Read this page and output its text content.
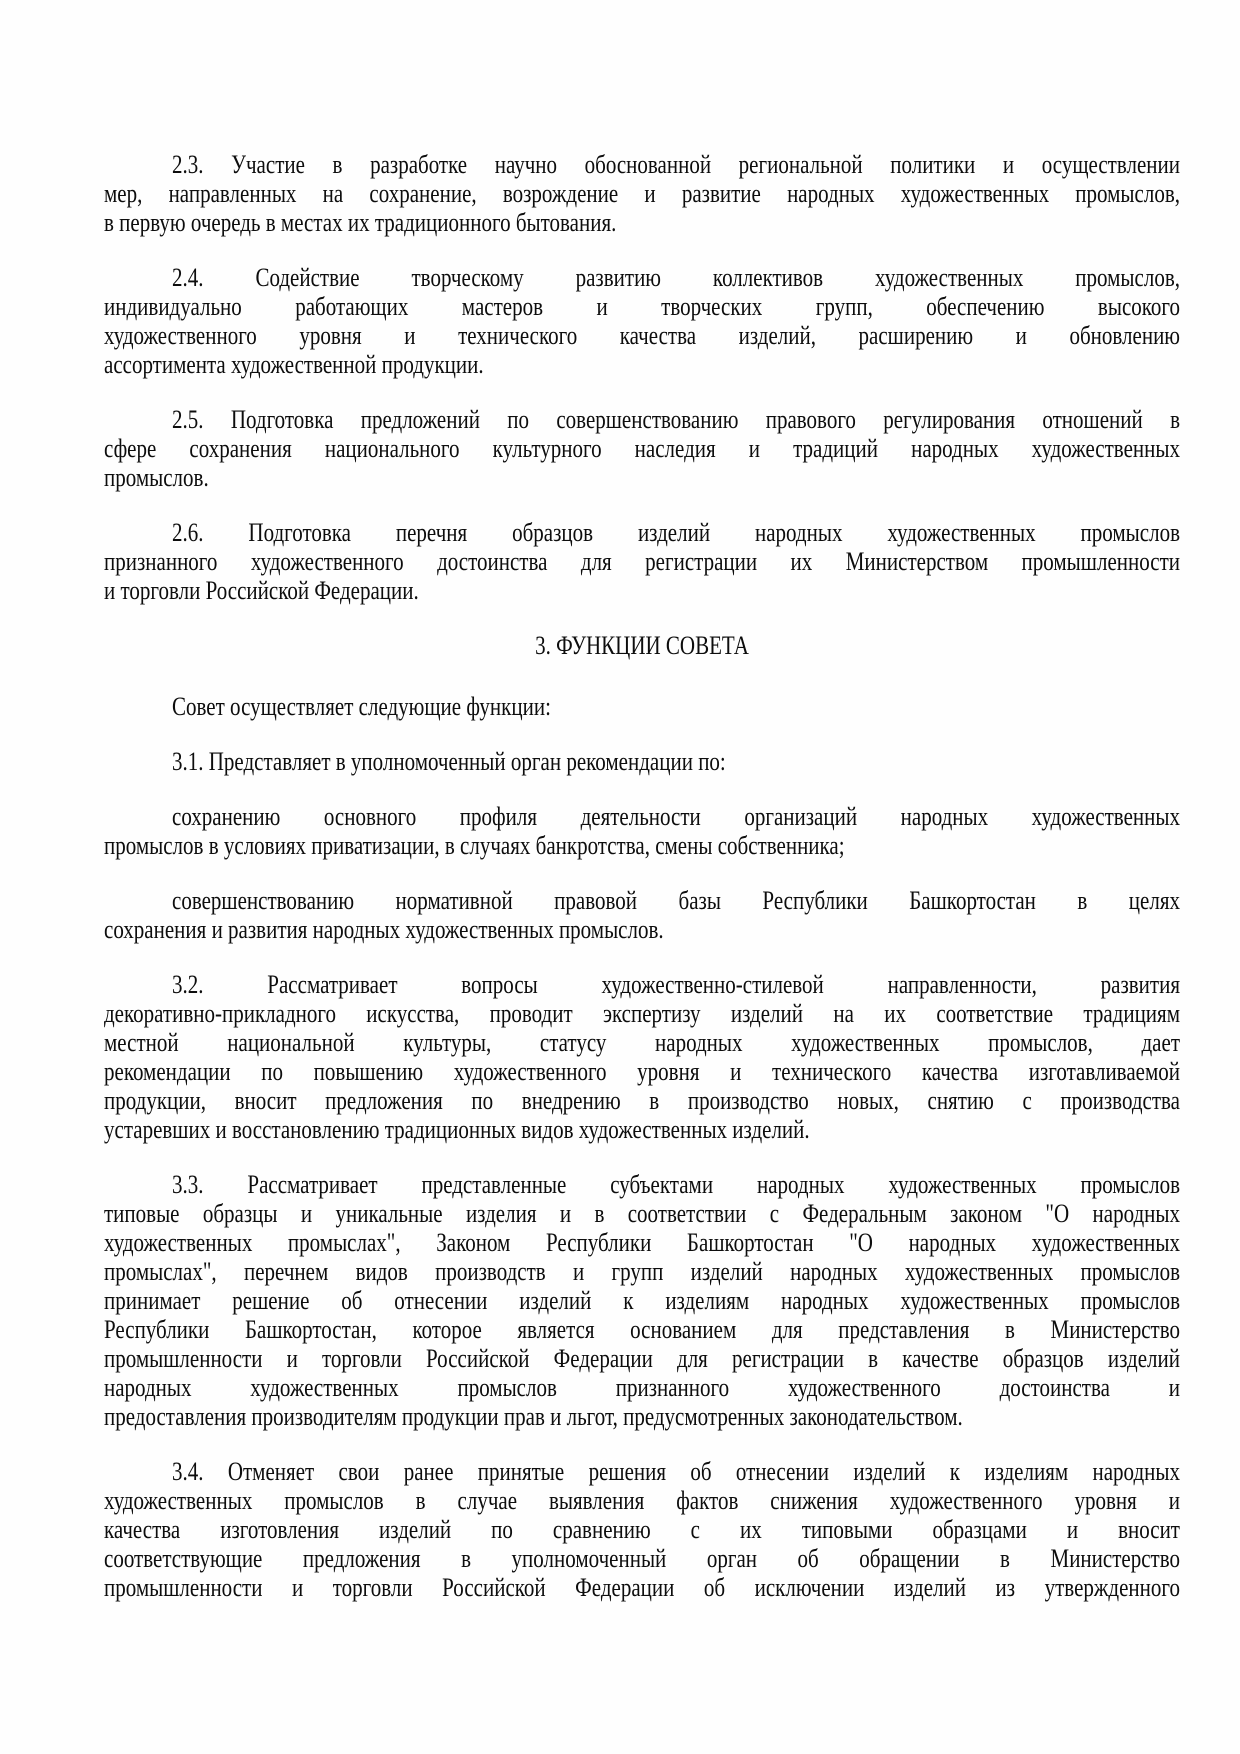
2.3. Участие в разработке научно обоснованной региональной политики и осуществлении
мер, направленных на сохранение, возрождение и развитие народных художественных промыслов,
в первую очередь в местах их традиционного бытования.
2.4. Содействие творческому развитию коллективов художественных промыслов,
индивидуально работающих мастеров и творческих групп, обеспечению высокого
художественного уровня и технического качества изделий, расширению и обновлению
ассортимента художественной продукции.
2.5. Подготовка предложений по совершенствованию правового регулирования отношений в
сфере сохранения национального культурного наследия и традиций народных художественных
промыслов.
2.6. Подготовка перечня образцов изделий народных художественных промыслов
признанного художественного достоинства для регистрации их Министерством промышленности
и торговли Российской Федерации.
3. ФУНКЦИИ СОВЕТА
Совет осуществляет следующие функции:
3.1. Представляет в уполномоченный орган рекомендации по:
сохранению основного профиля деятельности организаций народных художественных
промыслов в условиях приватизации, в случаях банкротства, смены собственника;
совершенствованию нормативной правовой базы Республики Башкортостан в целях
сохранения и развития народных художественных промыслов.
3.2. Рассматривает вопросы художественно-стилевой направленности, развития
декоративно-прикладного искусства, проводит экспертизу изделий на их соответствие традициям
местной национальной культуры, статусу народных художественных промыслов, дает
рекомендации по повышению художественного уровня и технического качества изготавливаемой
продукции, вносит предложения по внедрению в производство новых, снятию с производства
устаревших и восстановлению традиционных видов художественных изделий.
3.3. Рассматривает представленные субъектами народных художественных промыслов
типовые образцы и уникальные изделия и в соответствии с Федеральным законом "О народных
художественных промыслах", Законом Республики Башкортостан "О народных художественных
промыслах", перечнем видов производств и групп изделий народных художественных промыслов
принимает решение об отнесении изделий к изделиям народных художественных промыслов
Республики Башкортостан, которое является основанием для представления в Министерство
промышленности и торговли Российской Федерации для регистрации в качестве образцов изделий
народных художественных промыслов признанного художественного достоинства и
предоставления производителям продукции прав и льгот, предусмотренных законодательством.
3.4. Отменяет свои ранее принятые решения об отнесении изделий к изделиям народных
художественных промыслов в случае выявления фактов снижения художественного уровня и
качества изготовления изделий по сравнению с их типовыми образцами и вносит
соответствующие предложения в уполномоченный орган об обращении в Министерство
промышленности и торговли Российской Федерации об исключении изделий из утвержденного
